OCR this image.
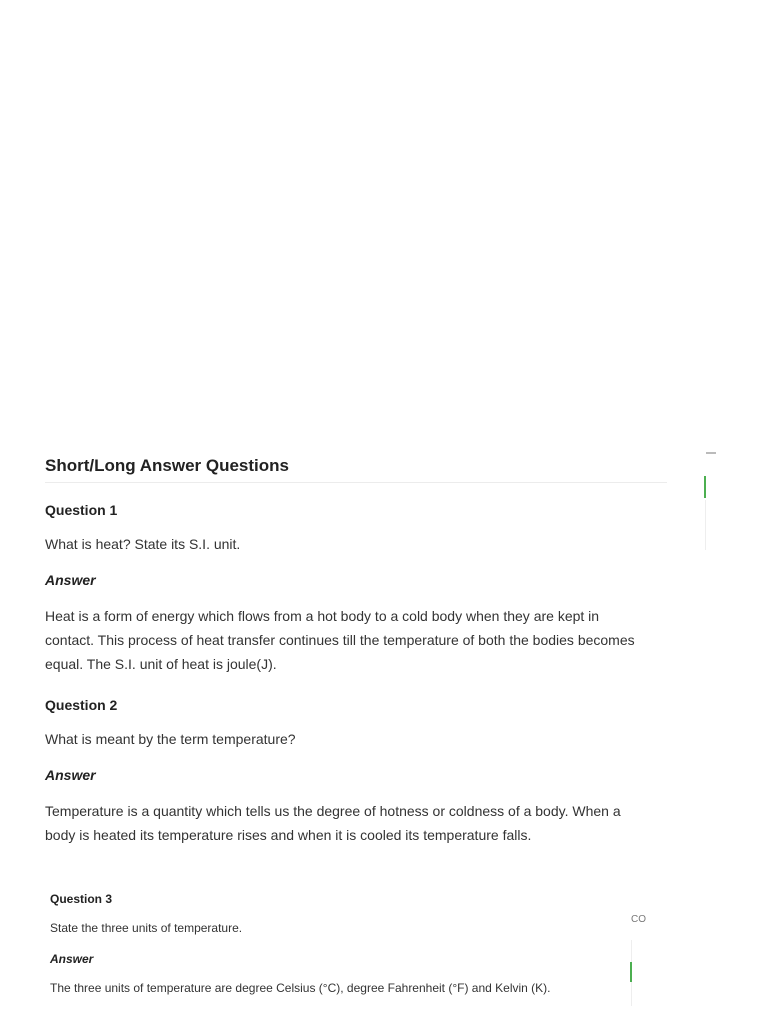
Short/Long Answer Questions

Question 1

What is heat? State its S.I. unit.

Answer

Heat is a form of energy which flows from a hot body to a cold body when they are kept in

contact. This process of heat transfer continues till the temperature of both the bodies becomes

equal. The S.I. unit of heat is joule(J).

Question 2

What is meant by the term temperature?

Answer

Temperature is a quantity which tells us the degree of hotness or coldness of a body. When a

body is heated its temperature rises and when it is cooled its temperature falls.

Question 3

State the three units of temperature.

Answer

The three units of temperature are degree Celsius (°C), degree Fahrenheit (°F) and Kelvin (K).

CO
